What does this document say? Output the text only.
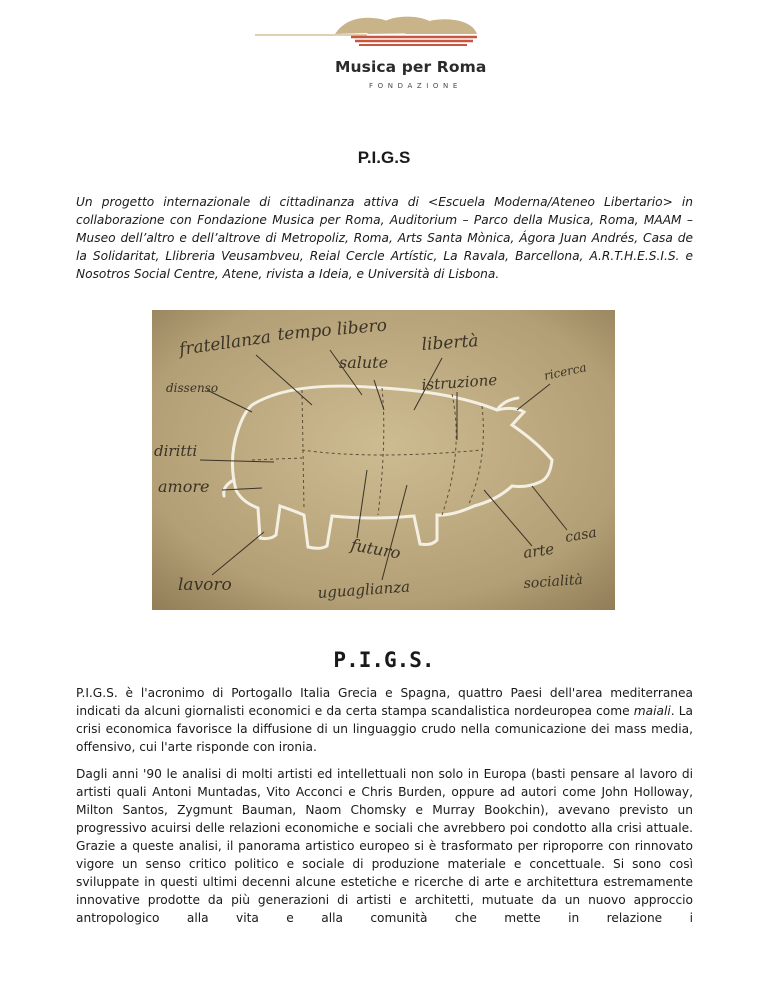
Musica per Roma
FONDAZIONE
P.I.G.S

Un progetto internazionale di cittadinanza attiva di <Escuela Moderna/Ateneo Libertario> in collaborazione con Fondazione Musica per Roma, Auditorium – Parco della Musica, Roma, MAAM – Museo dell’altro e dell’altrove di Metropoliz, Roma, Arts Santa Mònica, Ágora Juan Andrés, Casa de la Solidaritat, Llibreria Veusambveu, Reial Cercle Artístic, La Ravala, Barcellona, A.R.T.H.E.S.I.S. e Nosotros Social Centre, Atene, rivista a Ideia, e Università di Lisbona.

fratellanza tempo libero
salute
libertà
ricerca
istruzione
dissenso
diritti
amore
casa
arte
futuro
socialità
lavoro	uguaglianza
P.I.G.S.

P.I.G.S. è l'acronimo di Portogallo Italia Grecia e Spagna, quattro Paesi dell'area mediterranea indicati da alcuni giornalisti economici e da certa stampa scandalistica nordeuropea come maiali. La crisi economica favorisce la diffusione di un linguaggio crudo nella comunicazione dei mass media, offensivo, cui l'arte risponde con ironia.

Dagli anni '90 le analisi di molti artisti ed intellettuali non solo in Europa (basti pensare al lavoro di artisti quali Antoni Muntadas, Vito Acconci e Chris Burden, oppure ad autori come John Holloway, Milton Santos, Zygmunt Bauman, Naom Chomsky e Murray Bookchin), avevano previsto un progressivo acuirsi delle relazioni economiche e sociali che avrebbero poi condotto alla crisi attuale. Grazie a queste analisi, il panorama artistico europeo si è trasformato per riproporre con rinnovato vigore un senso critico politico e sociale di produzione materiale e concettuale. Si sono così sviluppate in questi ultimi decenni alcune estetiche e ricerche di arte e architettura estremamente innovative prodotte da più generazioni di artisti e architetti, mutuate da un nuovo approccio antropologico alla vita e alla comunità che mette in relazione i
